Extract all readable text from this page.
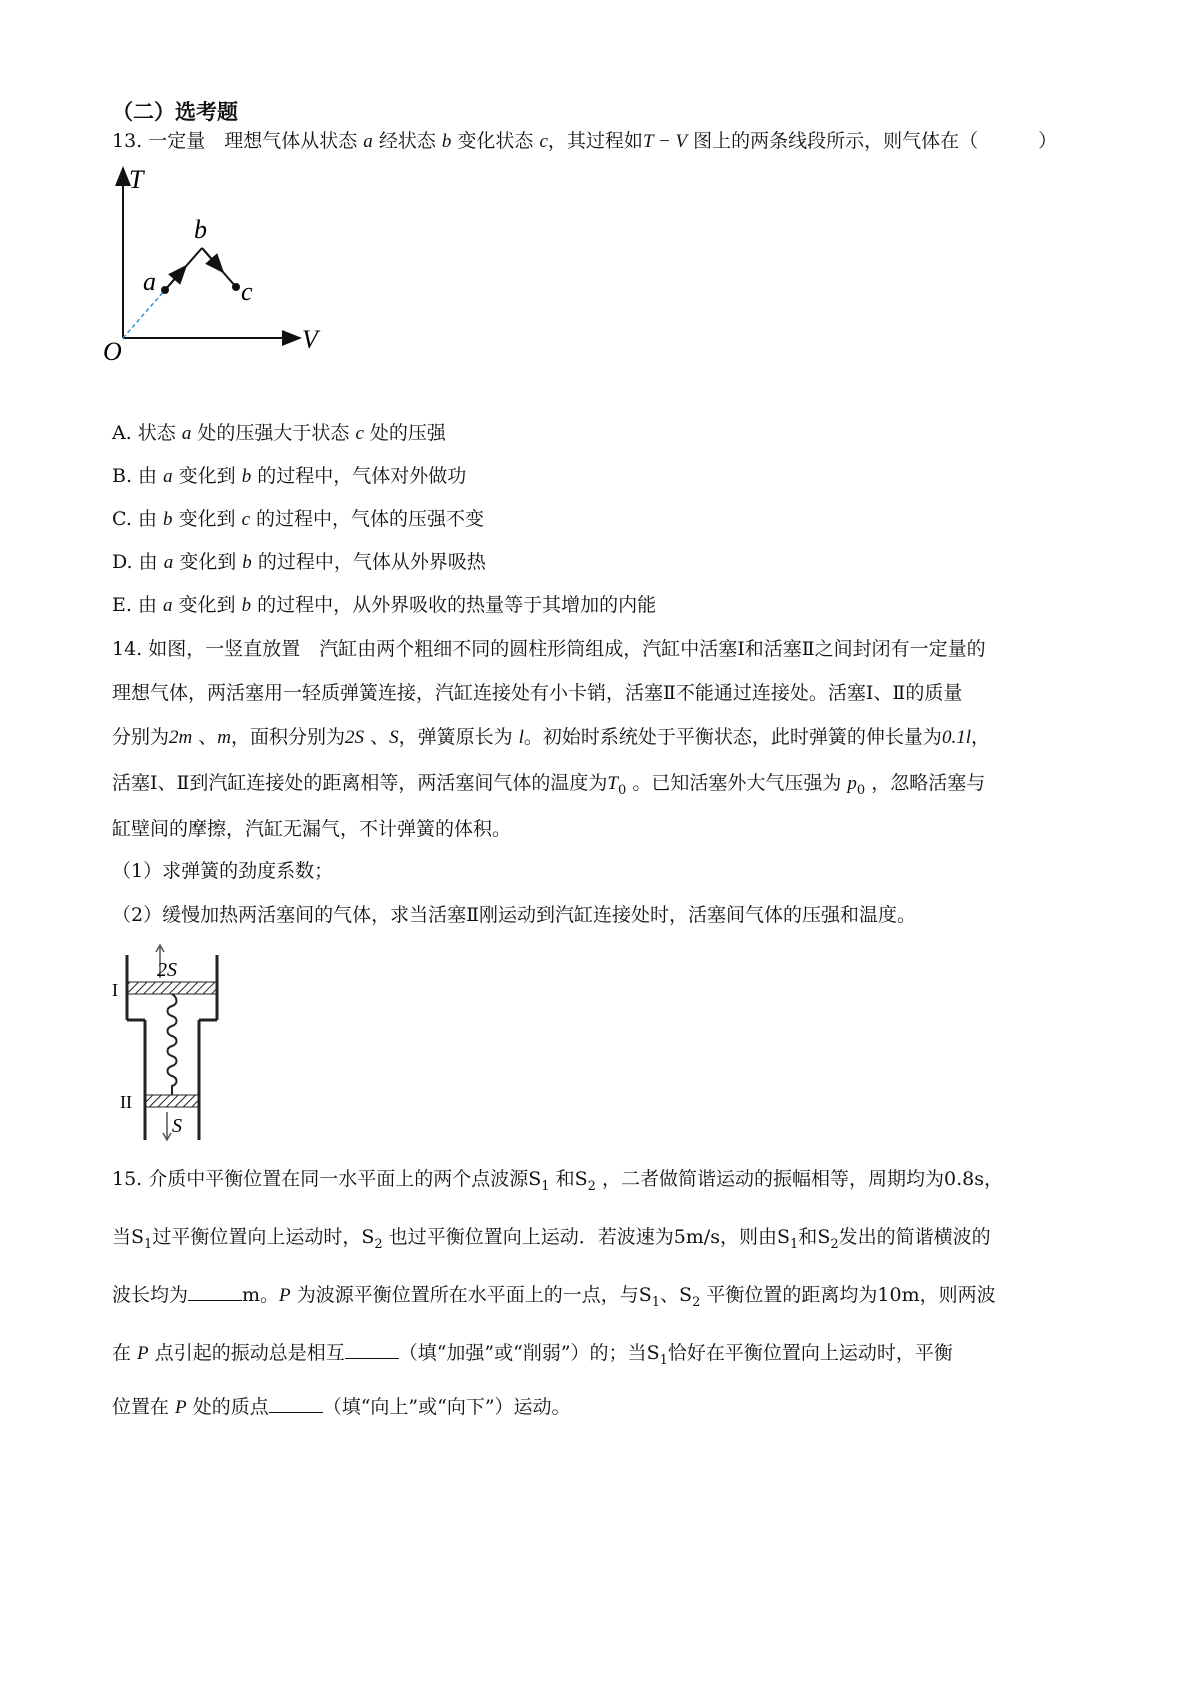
（二）选考题
13. 一定量　理想气体从状态 a 经状态 b 变化状态 c，其过程如T − V 图上的两条线段所示，则气体在（	）
T
V
O
a
b
c
A. 状态 a 处的压强大于状态 c 处的压强
B. 由 a 变化到 b 的过程中，气体对外做功
C. 由 b 变化到 c 的过程中，气体的压强不变
D. 由 a 变化到 b 的过程中，气体从外界吸热
E. 由 a 变化到 b 的过程中，从外界吸收的热量等于其增加的内能
14. 如图，一竖直放置　汽缸由两个粗细不同的圆柱形筒组成，汽缸中活塞Ⅰ和活塞Ⅱ之间封闭有一定量的
理想气体，两活塞用一轻质弹簧连接，汽缸连接处有小卡销，活塞Ⅱ不能通过连接处。活塞Ⅰ、Ⅱ的质量
分别为2m 、m，面积分别为2S 、S，弹簧原长为 l。初始时系统处于平衡状态，此时弹簧的伸长量为0.1l，
活塞Ⅰ、Ⅱ到汽缸连接处的距离相等，两活塞间气体的温度为$T_0$ 。已知活塞外大气压强为 $p_0$ ，忽略活塞与
缸壁间的摩擦，汽缸无漏气，不计弹簧的体积。
（1）求弹簧的劲度系数；
（2）缓慢加热两活塞间的气体，求当活塞Ⅱ刚运动到汽缸连接处时，活塞间气体的压强和温度。
2S
S
I
II
15. 介质中平衡位置在同一水平面上的两个点波源$S_1$ 和$S_2$ ，二者做简谐运动的振幅相等，周期均为0.8s，
当$S_1$过平衡位置向上运动时，$S_2$ 也过平衡位置向上运动．若波速为5m/s，则由$S_1$和$S_2$发出的简谐横波的
波长均为	m。P 为波源平衡位置所在水平面上的一点，与$S_1$、$S_2$ 平衡位置的距离均为10m，则两波
在 P 点引起的振动总是相互	（填“加强”或“削弱”）的；当$S_1$恰好在平衡位置向上运动时，平衡
位置在 P 处的质点	（填“向上”或“向下”）运动。
